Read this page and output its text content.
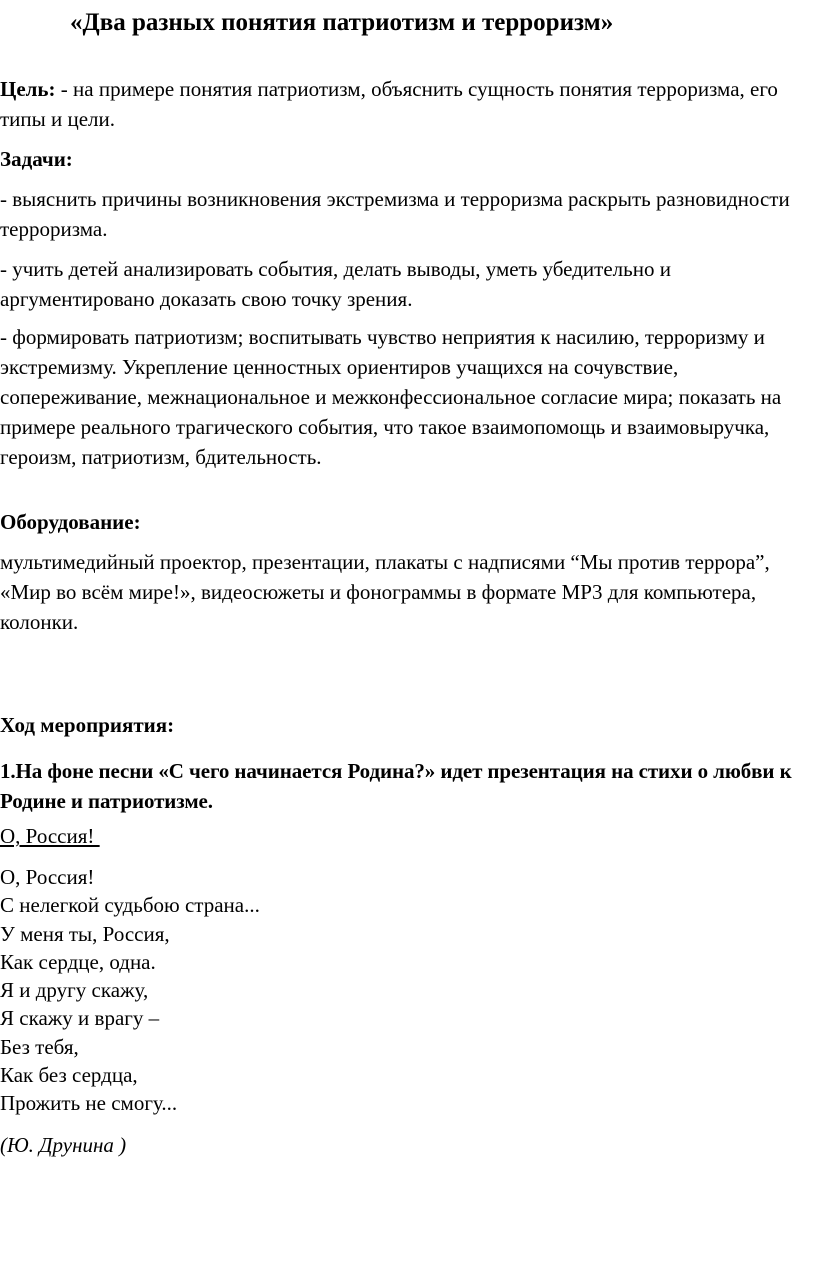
«Два разных понятия патриотизм и терроризм»
Цель: - на примере понятия патриотизм, объяснить сущность понятия терроризма, его типы и цели.
Задачи:
- выяснить причины возникновения экстремизма и терроризма раскрыть разновидности терроризма.
- учить детей анализировать события, делать выводы, уметь убедительно и аргументировано доказать свою точку зрения.
- формировать патриотизм; воспитывать чувство неприятия к насилию, терроризму и экстремизму. Укрепление ценностных ориентиров учащихся на сочувствие, сопереживание, межнациональное и межконфессиональное согласие мира; показать на примере реального трагического события, что такое взаимопомощь и взаимовыручка, героизм, патриотизм, бдительность.
Оборудование:
мультимедийный проектор, презентации, плакаты с надписями “Мы против террора”, «Мир во всём мире!», видеосюжеты и фонограммы в формате МР3 для компьютера, колонки.
Ход мероприятия:
1.На фоне песни «С чего начинается Родина?» идет презентация на стихи о любви к Родине и патриотизме.
О, Россия!
О, Россия!
С нелегкой судьбою страна...
У меня ты, Россия,
Как сердце, одна.
Я и другу скажу,
Я скажу и врагу –
Без тебя,
Как без сердца,
Прожить не смогу...
(Ю. Друнина )
